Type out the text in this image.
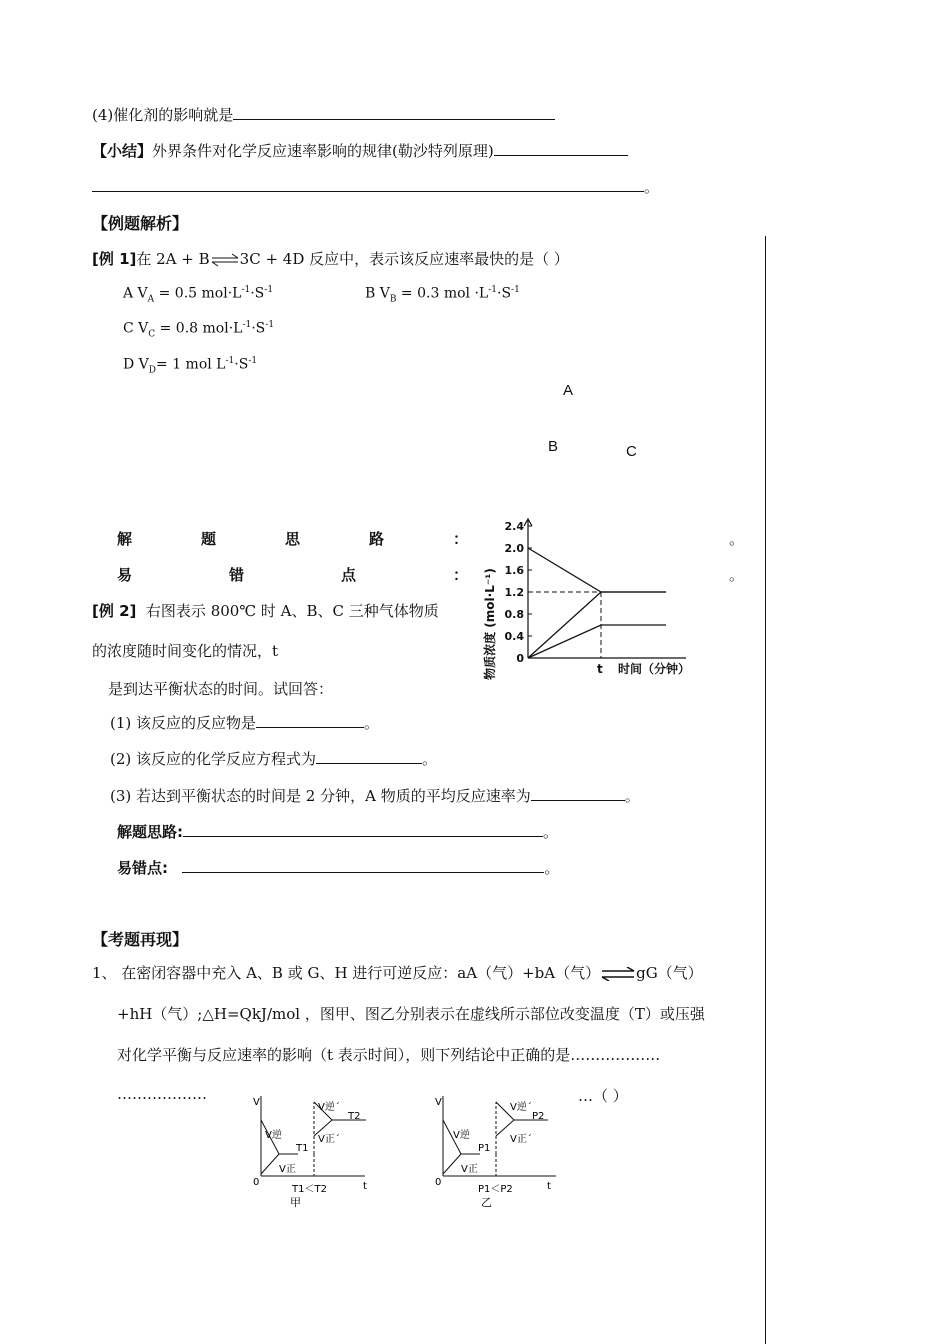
(4)催化剂的影响就是
【小结】外界条件对化学反应速率影响的规律(勒沙特列原理)
。
【例题解析】
[例 1]在 2A + B⇌3C + 4D 反应中，表示该反应速率最快的是（ ）
A $V_A = 0.5$ $mol\cdot L^{-1}\cdot S^{-1}$	B $V_B = 0.3$ mol $\cdot L^{-1}\cdot S^{-1}$
C $V_C = 0.8$ $mol\cdot L^{-1}\cdot S^{-1}$
D $V_D= 1$ mol $L^{-1}\cdot S^{-1}$
A
B	C
解	题	思	路	：	。
易	错	点	：	。
[例 2] 右图表示 800℃ 时 A、B、C 三种气体物质
的浓度随时间变化的情况，t
是到达平衡状态的时间。试回答：
(1) 该反应的反应物是	。
(2) 该反应的化学反应方程式为	。
(3) 若达到平衡状态的时间是 2 分钟，A 物质的平均反应速率为	。
解题思路:	。
易错点:	。
物质浓度 (mol·L⁻¹)
2.4
2.0
1.6
1.2
0.8
0.4
0
t 时间（分钟）
【考题再现】
1、 在密闭容器中充入 A、B 或 G、H 进行可逆反应：aA（气）+bA（气）⇌gG（气）
+hH（气）;△H=QkJ/mol ，图甲、图乙分别表示在虚线所示部位改变温度（T）或压强
对化学平衡与反应速率的影响（t 表示时间），则下列结论中正确的是………………
………………	…（ ）
V
0	t
V逆
V正
T1
V逆´
T2
V正´
T1＜T2
甲
V
0	t
V逆
V正
P1
V逆´
P2
V正´
P1＜P2
乙
